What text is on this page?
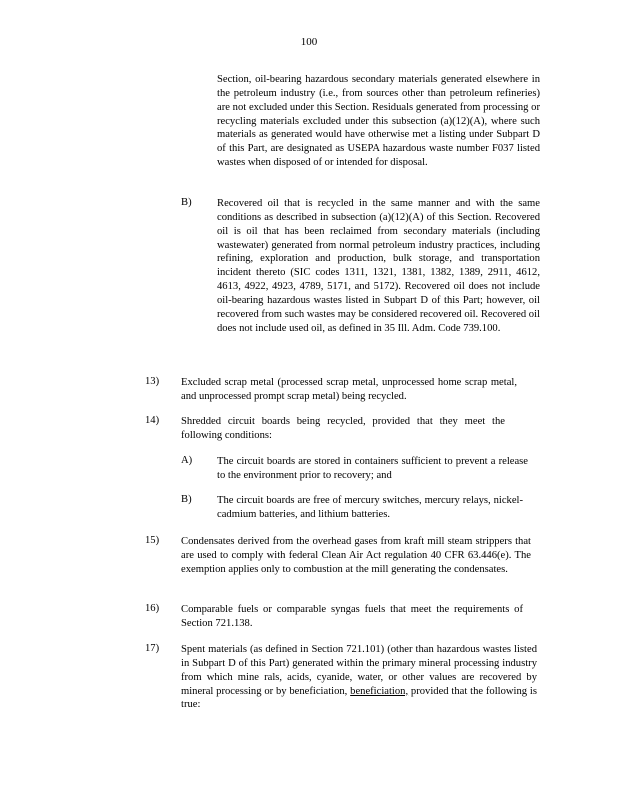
100
Section, oil-bearing hazardous secondary materials generated elsewhere in the petroleum industry (i.e., from sources other than petroleum refineries) are not excluded under this Section. Residuals generated from processing or recycling materials excluded under this subsection (a)(12)(A), where such materials as generated would have otherwise met a listing under Subpart D of this Part, are designated as USEPA hazardous waste number F037 listed wastes when disposed of or intended for disposal.
B) Recovered oil that is recycled in the same manner and with the same conditions as described in subsection (a)(12)(A) of this Section. Recovered oil is oil that has been reclaimed from secondary materials (including wastewater) generated from normal petroleum industry practices, including refining, exploration and production, bulk storage, and transportation incident thereto (SIC codes 1311, 1321, 1381, 1382, 1389, 2911, 4612, 4613, 4922, 4923, 4789, 5171, and 5172). Recovered oil does not include oil-bearing hazardous wastes listed in Subpart D of this Part; however, oil recovered from such wastes may be considered recovered oil. Recovered oil does not include used oil, as defined in 35 Ill. Adm. Code 739.100.
13) Excluded scrap metal (processed scrap metal, unprocessed home scrap metal, and unprocessed prompt scrap metal) being recycled.
14) Shredded circuit boards being recycled, provided that they meet the following conditions:
A) The circuit boards are stored in containers sufficient to prevent a release to the environment prior to recovery; and
B) The circuit boards are free of mercury switches, mercury relays, nickel-cadmium batteries, and lithium batteries.
15) Condensates derived from the overhead gases from kraft mill steam strippers that are used to comply with federal Clean Air Act regulation 40 CFR 63.446(e). The exemption applies only to combustion at the mill generating the condensates.
16) Comparable fuels or comparable syngas fuels that meet the requirements of Section 721.138.
17) Spent materials (as defined in Section 721.101) (other than hazardous wastes listed in Subpart D of this Part) generated within the primary mineral processing industry from which mine rals, acids, cyanide, water, or other values are recovered by mineral processing or by beneficiation, beneficiation, provided that the following is true:
